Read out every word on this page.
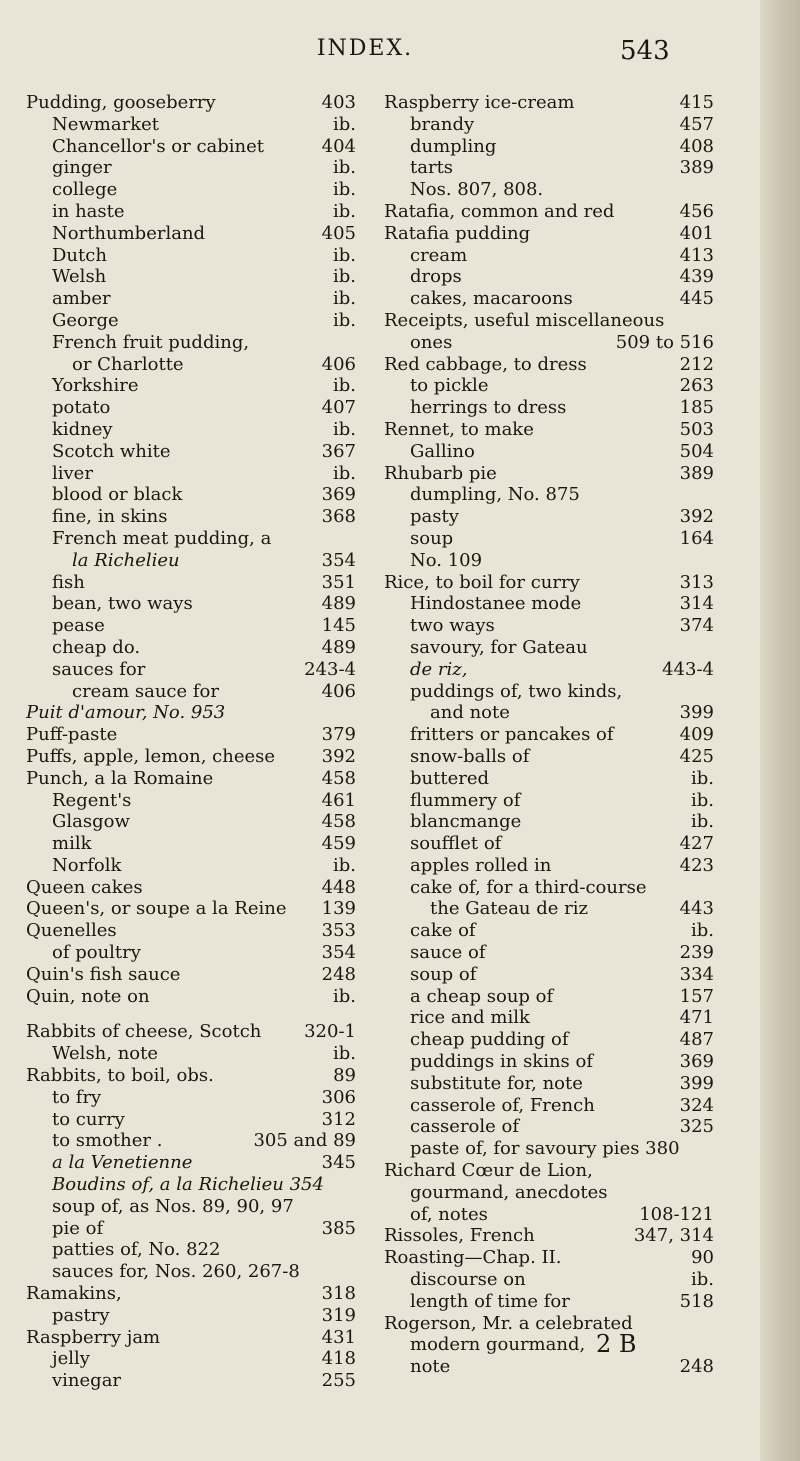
INDEX.	543
Pudding, gooseberry	403
Newmarket	ib.
Chancellor's or cabinet	404
ginger	ib.
college	ib.
in haste	ib.
Northumberland	405
Dutch	ib.
Welsh	ib.
amber	ib.
George	ib.
French fruit pudding,
or Charlotte	406
Yorkshire	ib.
potato	407
kidney	ib.
Scotch white	367
liver	ib.
blood or black	369
fine, in skins	368
French meat pudding, a
la Richelieu	354
fish	351
bean, two ways	489
pease	145
cheap do.	489
sauces for	243-4
cream sauce for	406
Puit d'amour, No. 953
Puff-paste	379
Puffs, apple, lemon, cheese	392
Punch, a la Romaine	458
Regent's	461
Glasgow	458
milk	459
Norfolk	ib.
Queen cakes	448
Queen's, or soupe a la Reine 139
Quenelles	353
of poultry	354
Quin's fish sauce	248
Quin, note on	ib.
Rabbits of cheese, Scotch 320-1
Welsh, note	ib.
Rabbits, to boil, obs.	89
to fry	306
to curry	312
to smother .	305 and 89
a la Venetienne	345
Boudins of, a la Richelieu 354
soup of, as Nos. 89, 90, 97
pie of	385
patties of, No. 822
sauces for, Nos. 260, 267-8
Ramakins,	318
pastry	319
Raspberry jam	431
jelly	418
vinegar	255
Raspberry ice-cream	415
brandy	457
dumpling	408
tarts	389
Nos. 807, 808.
Ratafia, common and red	456
Ratafia pudding	401
cream	413
drops	439
cakes, macaroons	445
Receipts, useful miscellaneous
ones	509 to 516
Red cabbage, to dress	212
to pickle	263
herrings to dress	185
Rennet, to make	503
Gallino	504
Rhubarb pie	389
dumpling, No. 875
pasty	392
soup	164
No. 109
Rice, to boil for curry	313
Hindostanee mode	314
two ways	374
savoury, for Gateau
de riz,	443-4
puddings of, two kinds,
and note	399
fritters or pancakes of	409
snow-balls of	425
buttered	ib.
flummery of	ib.
blancmange	ib.
soufflet of	427
apples rolled in	423
cake of, for a third-course
the Gateau de riz	443
cake of	ib.
sauce of	239
soup of	334
a cheap soup of	157
rice and milk	471
cheap pudding of	487
puddings in skins of	369
substitute for, note	399
casserole of, French	324
casserole of	325
paste of, for savoury pies 380
Richard Cœur de Lion,
gourmand, anecdotes
of, notes	108-121
Rissoles, French	347, 314
Roasting—Chap. II.	90
discourse on	ib.
length of time for	518
Rogerson, Mr. a celebrated
modern gourmand,
note	248
2 B
